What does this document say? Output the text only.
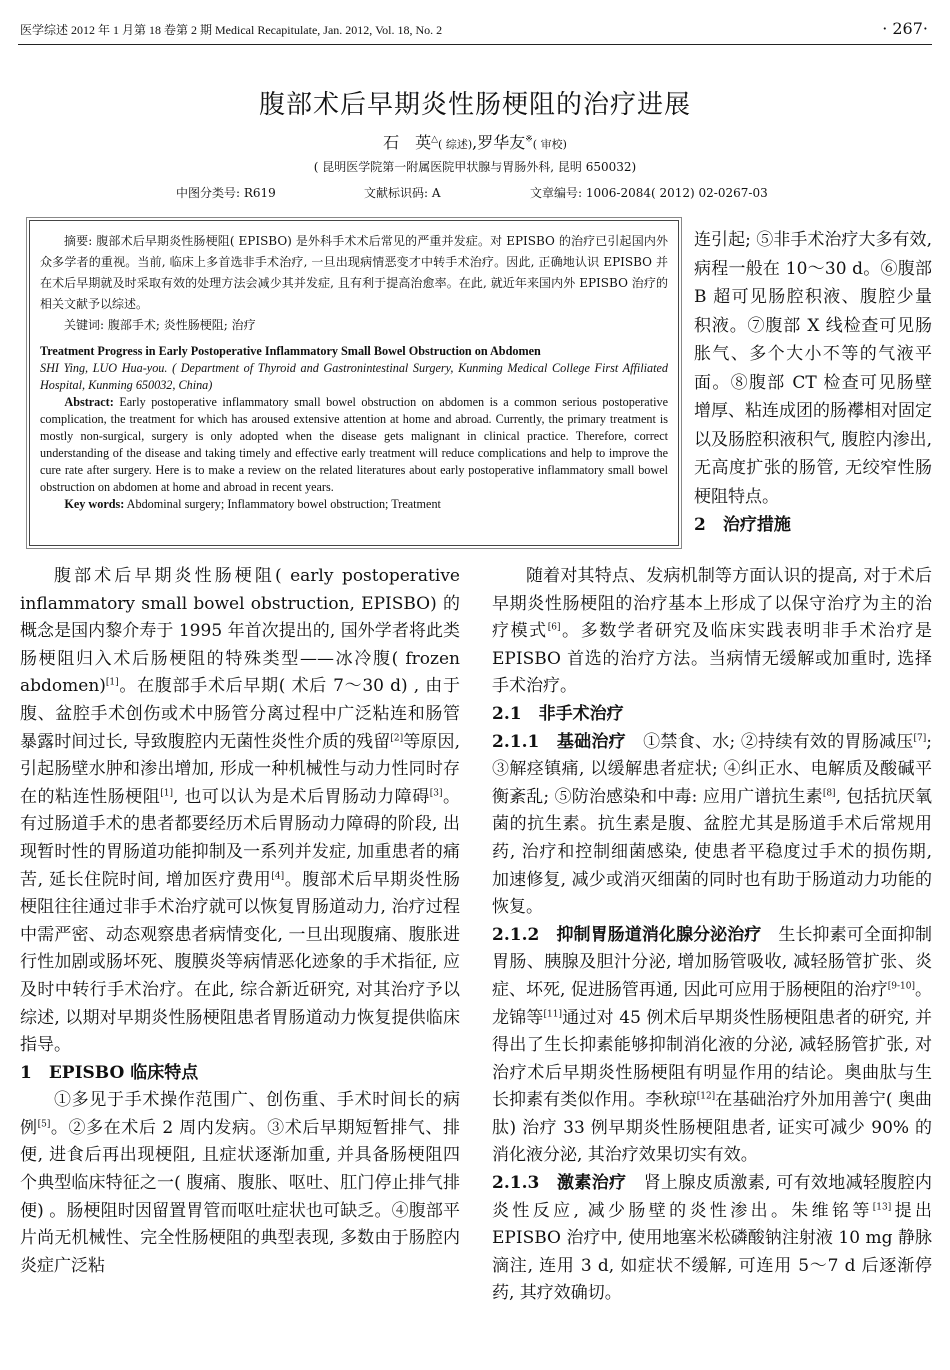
医学综述 2012 年 1 月第 18 卷第 2 期 Medical Recapitulate, Jan. 2012, Vol. 18, No. 2	· 267·
腹部术后早期炎性肠梗阻的治疗进展
石　英△( 综述),罗华友※( 审校)
( 昆明医学院第一附属医院甲状腺与胃肠外科, 昆明 650032)
中图分类号: R619	文献标识码: A	文章编号: 1006-2084( 2012) 02-0267-03

摘要: 腹部术后早期炎性肠梗阻( EPISBO) 是外科手术术后常见的严重并发症。对 EPISBO 的治疗已引起国内外众多学者的重视。当前, 临床上多首选非手术治疗, 一旦出现病情恶变才中转手术治疗。因此, 正确地认识 EPISBO 并在术后早期就及时采取有效的处理方法会减少其并发症, 且有利于提高治愈率。在此, 就近年来国内外 EPISBO 治疗的相关文献予以综述。

关键词: 腹部手术; 炎性肠梗阻; 治疗

Treatment Progress in Early Postoperative Inflammatory Small Bowel Obstruction on Abdomen

SHI Ying, LUO Hua-you. ( Department of Thyroid and Gastronintestinal Surgery, Kunming Medical College First Affiliated Hospital, Kunming 650032, China)

Abstract: Early postoperative inflammatory small bowel obstruction on abdomen is a common serious postoperative complication, the treatment for which has aroused extensive attention at home and abroad. Currently, the primary treatment is mostly non-surgical, surgery is only adopted when the disease gets malignant in clinical practice. Therefore, correct understanding of the disease and taking timely and effective early treatment will reduce complications and help to improve the cure rate after surgery. Here is to make a review on the related literatures about early postoperative inflammatory small bowel obstruction on abdomen at home and abroad in recent years.

Key words: Abdominal surgery; Inflammatory bowel obstruction; Treatment

连引起; ⑤非手术治疗大多有效, 病程一般在 10～30 d。⑥腹部 B 超可见肠腔积液、腹腔少量积液。⑦腹部 X 线检查可见肠胀气、多个大小不等的气液平面。⑧腹部 CT 检查可见肠壁增厚、粘连成团的肠襻相对固定以及肠腔积液积气, 腹腔内渗出, 无高度扩张的肠管, 无绞窄性肠梗阻特点。

2　治疗措施

腹部术后早期炎性肠梗阻( early postoperative inflammatory small bowel obstruction, EPISBO) 的概念是国内黎介寿于 1995 年首次提出的, 国外学者将此类肠梗阻归入术后肠梗阻的特殊类型——冰冷腹( frozen abdomen)[1]。在腹部手术后早期( 术后 7～30 d) , 由于腹、盆腔手术创伤或术中肠管分离过程中广泛粘连和肠管暴露时间过长, 导致腹腔内无菌性炎性介质的残留[2]等原因, 引起肠壁水肿和渗出增加, 形成一种机械性与动力性同时存在的粘连性肠梗阻[1], 也可以认为是术后胃肠动力障碍[3]。有过肠道手术的患者都要经历术后胃肠动力障碍的阶段, 出现暂时性的胃肠道功能抑制及一系列并发症, 加重患者的痛苦, 延长住院时间, 增加医疗费用[4]。腹部术后早期炎性肠梗阻往往通过非手术治疗就可以恢复胃肠道动力, 治疗过程中需严密、动态观察患者病情变化, 一旦出现腹痛、腹胀进行性加剧或肠坏死、腹膜炎等病情恶化迹象的手术指征, 应及时中转行手术治疗。在此, 综合新近研究, 对其治疗予以综述, 以期对早期炎性肠梗阻患者胃肠道动力恢复提供临床指导。

1　EPISBO 临床特点

①多见于手术操作范围广、创伤重、手术时间长的病例[5]。②多在术后 2 周内发病。③术后早期短暂排气、排便, 进食后再出现梗阻, 且症状逐渐加重, 并具备肠梗阻四个典型临床特征之一( 腹痛、腹胀、呕吐、肛门停止排气排便) 。肠梗阻时因留置胃管而呕吐症状也可缺乏。④腹部平片尚无机械性、完全性肠梗阻的典型表现, 多数由于肠腔内炎症广泛粘

随着对其特点、发病机制等方面认识的提高, 对于术后早期炎性肠梗阻的治疗基本上形成了以保守治疗为主的治疗模式[6]。多数学者研究及临床实践表明非手术治疗是 EPISBO 首选的治疗方法。当病情无缓解或加重时, 选择手术治疗。

2.1　非手术治疗

2.1.1　基础治疗　①禁食、水; ②持续有效的胃肠减压[7]; ③解痉镇痛, 以缓解患者症状; ④纠正水、电解质及酸碱平衡紊乱; ⑤防治感染和中毒: 应用广谱抗生素[8], 包括抗厌氧菌的抗生素。抗生素是腹、盆腔尤其是肠道手术后常规用药, 治疗和控制细菌感染, 使患者平稳度过手术的损伤期, 加速修复, 减少或消灭细菌的同时也有助于肠道动力功能的恢复。

2.1.2　抑制胃肠道消化腺分泌治疗　生长抑素可全面抑制胃肠、胰腺及胆汁分泌, 增加肠管吸收, 减轻肠管扩张、炎症、坏死, 促进肠管再通, 因此可应用于肠梗阻的治疗[9-10]。龙锦等[11]通过对 45 例术后早期炎性肠梗阻患者的研究, 并得出了生长抑素能够抑制消化液的分泌, 减轻肠管扩张, 对治疗术后早期炎性肠梗阻有明显作用的结论。奥曲肽与生长抑素有类似作用。李秋琼[12]在基础治疗外加用善宁( 奥曲肽) 治疗 33 例早期炎性肠梗阻患者, 证实可减少 90% 的消化液分泌, 其治疗效果切实有效。

2.1.3　激素治疗　肾上腺皮质激素, 可有效地减轻腹腔内炎性反应, 减少肠壁的炎性渗出。朱维铭等[13]提出 EPISBO 治疗中, 使用地塞米松磷酸钠注射液 10 mg 静脉滴注, 连用 3 d, 如症状不缓解, 可连用 5～7 d 后逐渐停药, 其疗效确切。
